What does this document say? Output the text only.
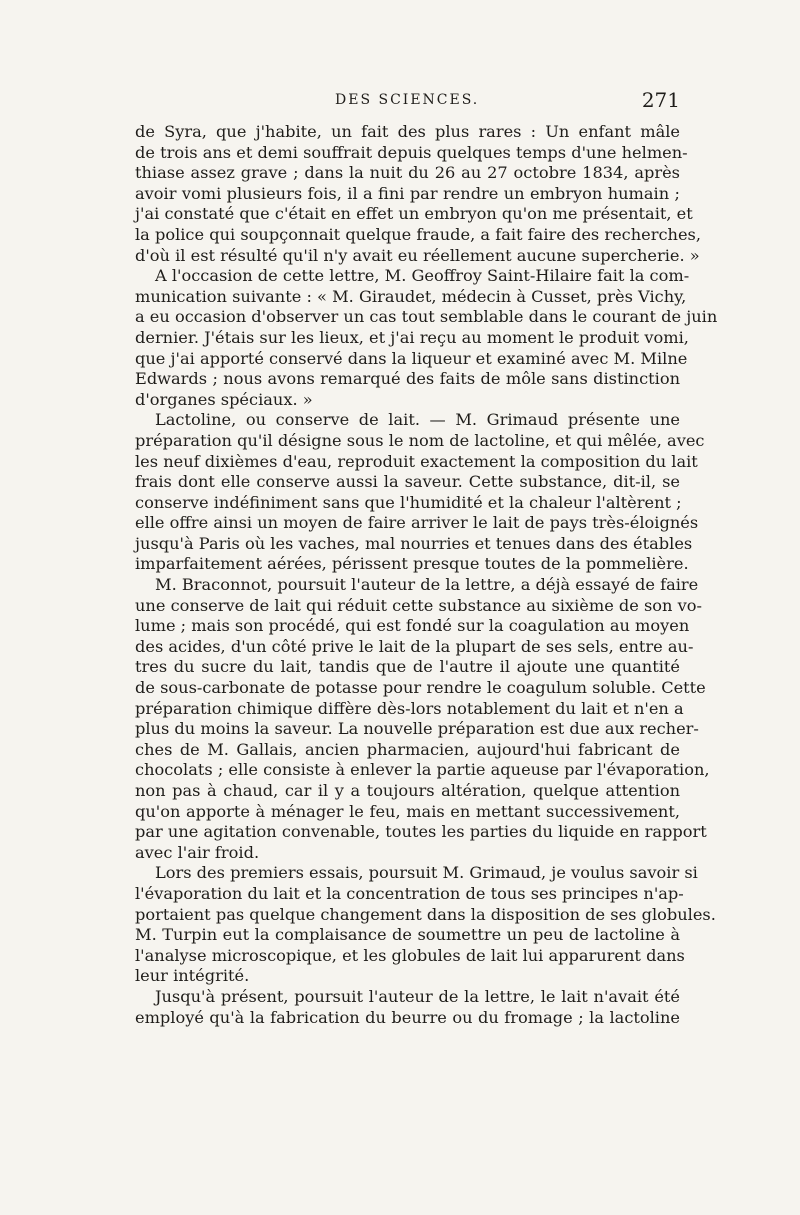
DES SCIENCES.	271
de Syra, que j'habite, un fait des plus rares : Un enfant mâle
de trois ans et demi souffrait depuis quelques temps d'une helmen-
thiase assez grave ; dans la nuit du 26 au 27 octobre 1834, après
avoir vomi plusieurs fois, il a fini par rendre un embryon humain ;
j'ai constaté que c'était en effet un embryon qu'on me présentait, et
la police qui soupçonnait quelque fraude, a fait faire des recherches,
d'où il est résulté qu'il n'y avait eu réellement aucune supercherie. »
A l'occasion de cette lettre, M. Geoffroy Saint-Hilaire fait la com-
munication suivante : « M. Giraudet, médecin à Cusset, près Vichy,
a eu occasion d'observer un cas tout semblable dans le courant de juin
dernier. J'étais sur les lieux, et j'ai reçu au moment le produit vomi,
que j'ai apporté conservé dans la liqueur et examiné avec M. Milne
Edwards ; nous avons remarqué des faits de môle sans distinction
d'organes spéciaux. »
Lactoline, ou conserve de lait. — M. Grimaud présente une
préparation qu'il désigne sous le nom de lactoline, et qui mêlée, avec
les neuf dixièmes d'eau, reproduit exactement la composition du lait
frais dont elle conserve aussi la saveur. Cette substance, dit-il, se
conserve indéfiniment sans que l'humidité et la chaleur l'altèrent ;
elle offre ainsi un moyen de faire arriver le lait de pays très-éloignés
jusqu'à Paris où les vaches, mal nourries et tenues dans des étables
imparfaitement aérées, périssent presque toutes de la pommelière.
M. Braconnot, poursuit l'auteur de la lettre, a déjà essayé de faire
une conserve de lait qui réduit cette substance au sixième de son vo-
lume ; mais son procédé, qui est fondé sur la coagulation au moyen
des acides, d'un côté prive le lait de la plupart de ses sels, entre au-
tres du sucre du lait, tandis que de l'autre il ajoute une quantité
de sous-carbonate de potasse pour rendre le coagulum soluble. Cette
préparation chimique diffère dès-lors notablement du lait et n'en a
plus du moins la saveur. La nouvelle préparation est due aux recher-
ches de M. Gallais, ancien pharmacien, aujourd'hui fabricant de
chocolats ; elle consiste à enlever la partie aqueuse par l'évaporation,
non pas à chaud, car il y a toujours altération, quelque attention
qu'on apporte à ménager le feu, mais en mettant successivement,
par une agitation convenable, toutes les parties du liquide en rapport
avec l'air froid.
Lors des premiers essais, poursuit M. Grimaud, je voulus savoir si
l'évaporation du lait et la concentration de tous ses principes n'ap-
portaient pas quelque changement dans la disposition de ses globules.
M. Turpin eut la complaisance de soumettre un peu de lactoline à
l'analyse microscopique, et les globules de lait lui apparurent dans
leur intégrité.
Jusqu'à présent, poursuit l'auteur de la lettre, le lait n'avait été
employé qu'à la fabrication du beurre ou du fromage ; la lactoline
